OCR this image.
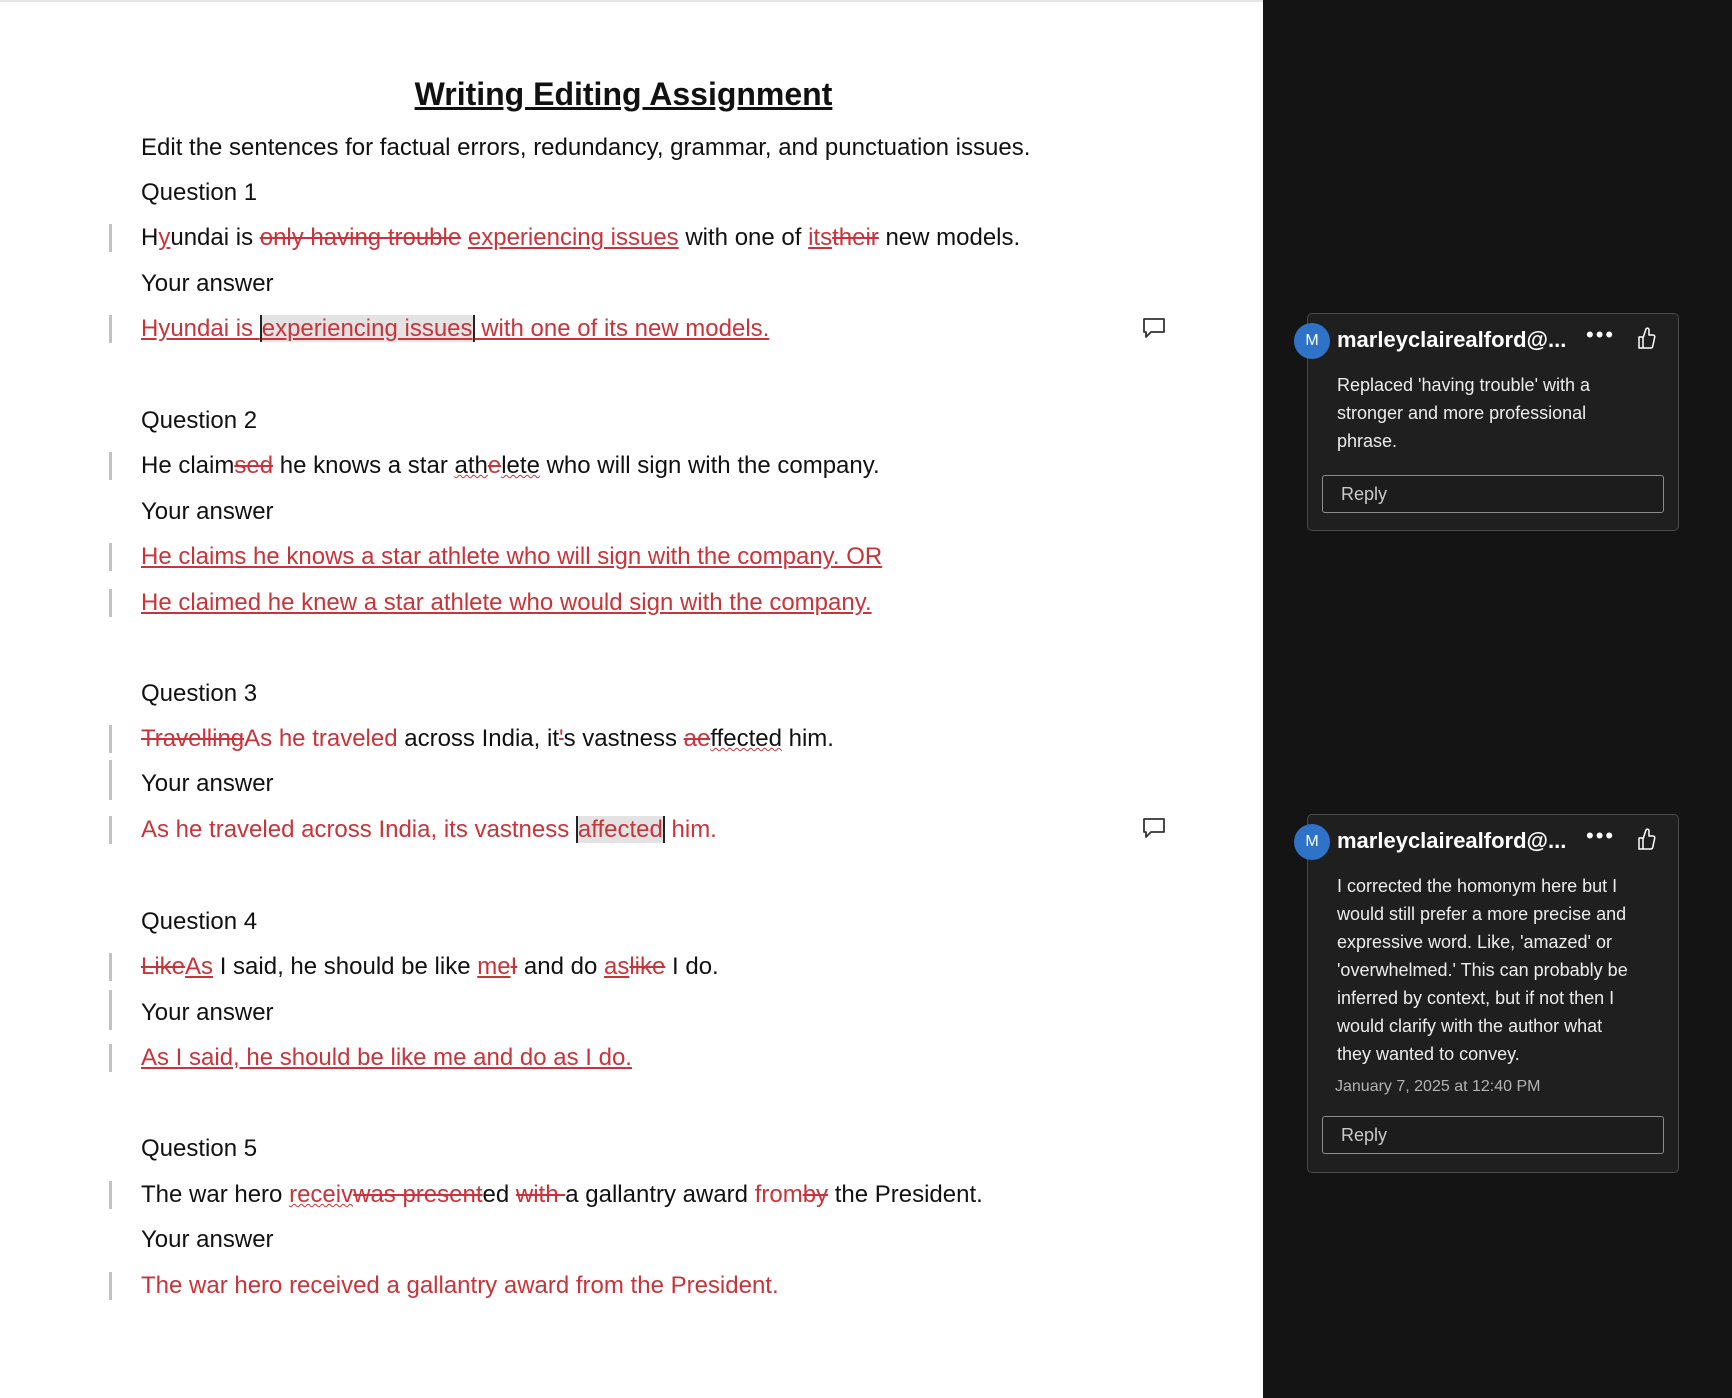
Writing Editing Assignment
Edit the sentences for factual errors, redundancy, grammar, and punctuation issues.
Question 1
Hyundai is only having trouble experiencing issues with one of itstheir new models.
Your answer
Hyundai is experiencing issues with one of its new models.
Question 2
He claimsed he knows a star athelete who will sign with the company.
Your answer
He claims he knows a star athlete who will sign with the company. OR
He claimed he knew a star athlete who would sign with the company.
Question 3
TravellingAs he traveled across India, it's vastness aeffected him.
Your answer
As he traveled across India, its vastness affected him.
Question 4
LikeAs I said, he should be like meI and do aslike I do.
Your answer
As I said, he should be like me and do as I do.
Question 5
The war hero receivwas presented with a gallantry award fromby the President.
Your answer
The war hero received a gallantry award from the President.
M marleyclairealford@... •••
Replaced 'having trouble' with a
stronger and more professional
phrase.
Reply
M marleyclairealford@... •••
I corrected the homonym here but I
would still prefer a more precise and
expressive word. Like, 'amazed' or
'overwhelmed.' This can probably be
inferred by context, but if not then I
would clarify with the author what
they wanted to convey.
January 7, 2025 at 12:40 PM
Reply
